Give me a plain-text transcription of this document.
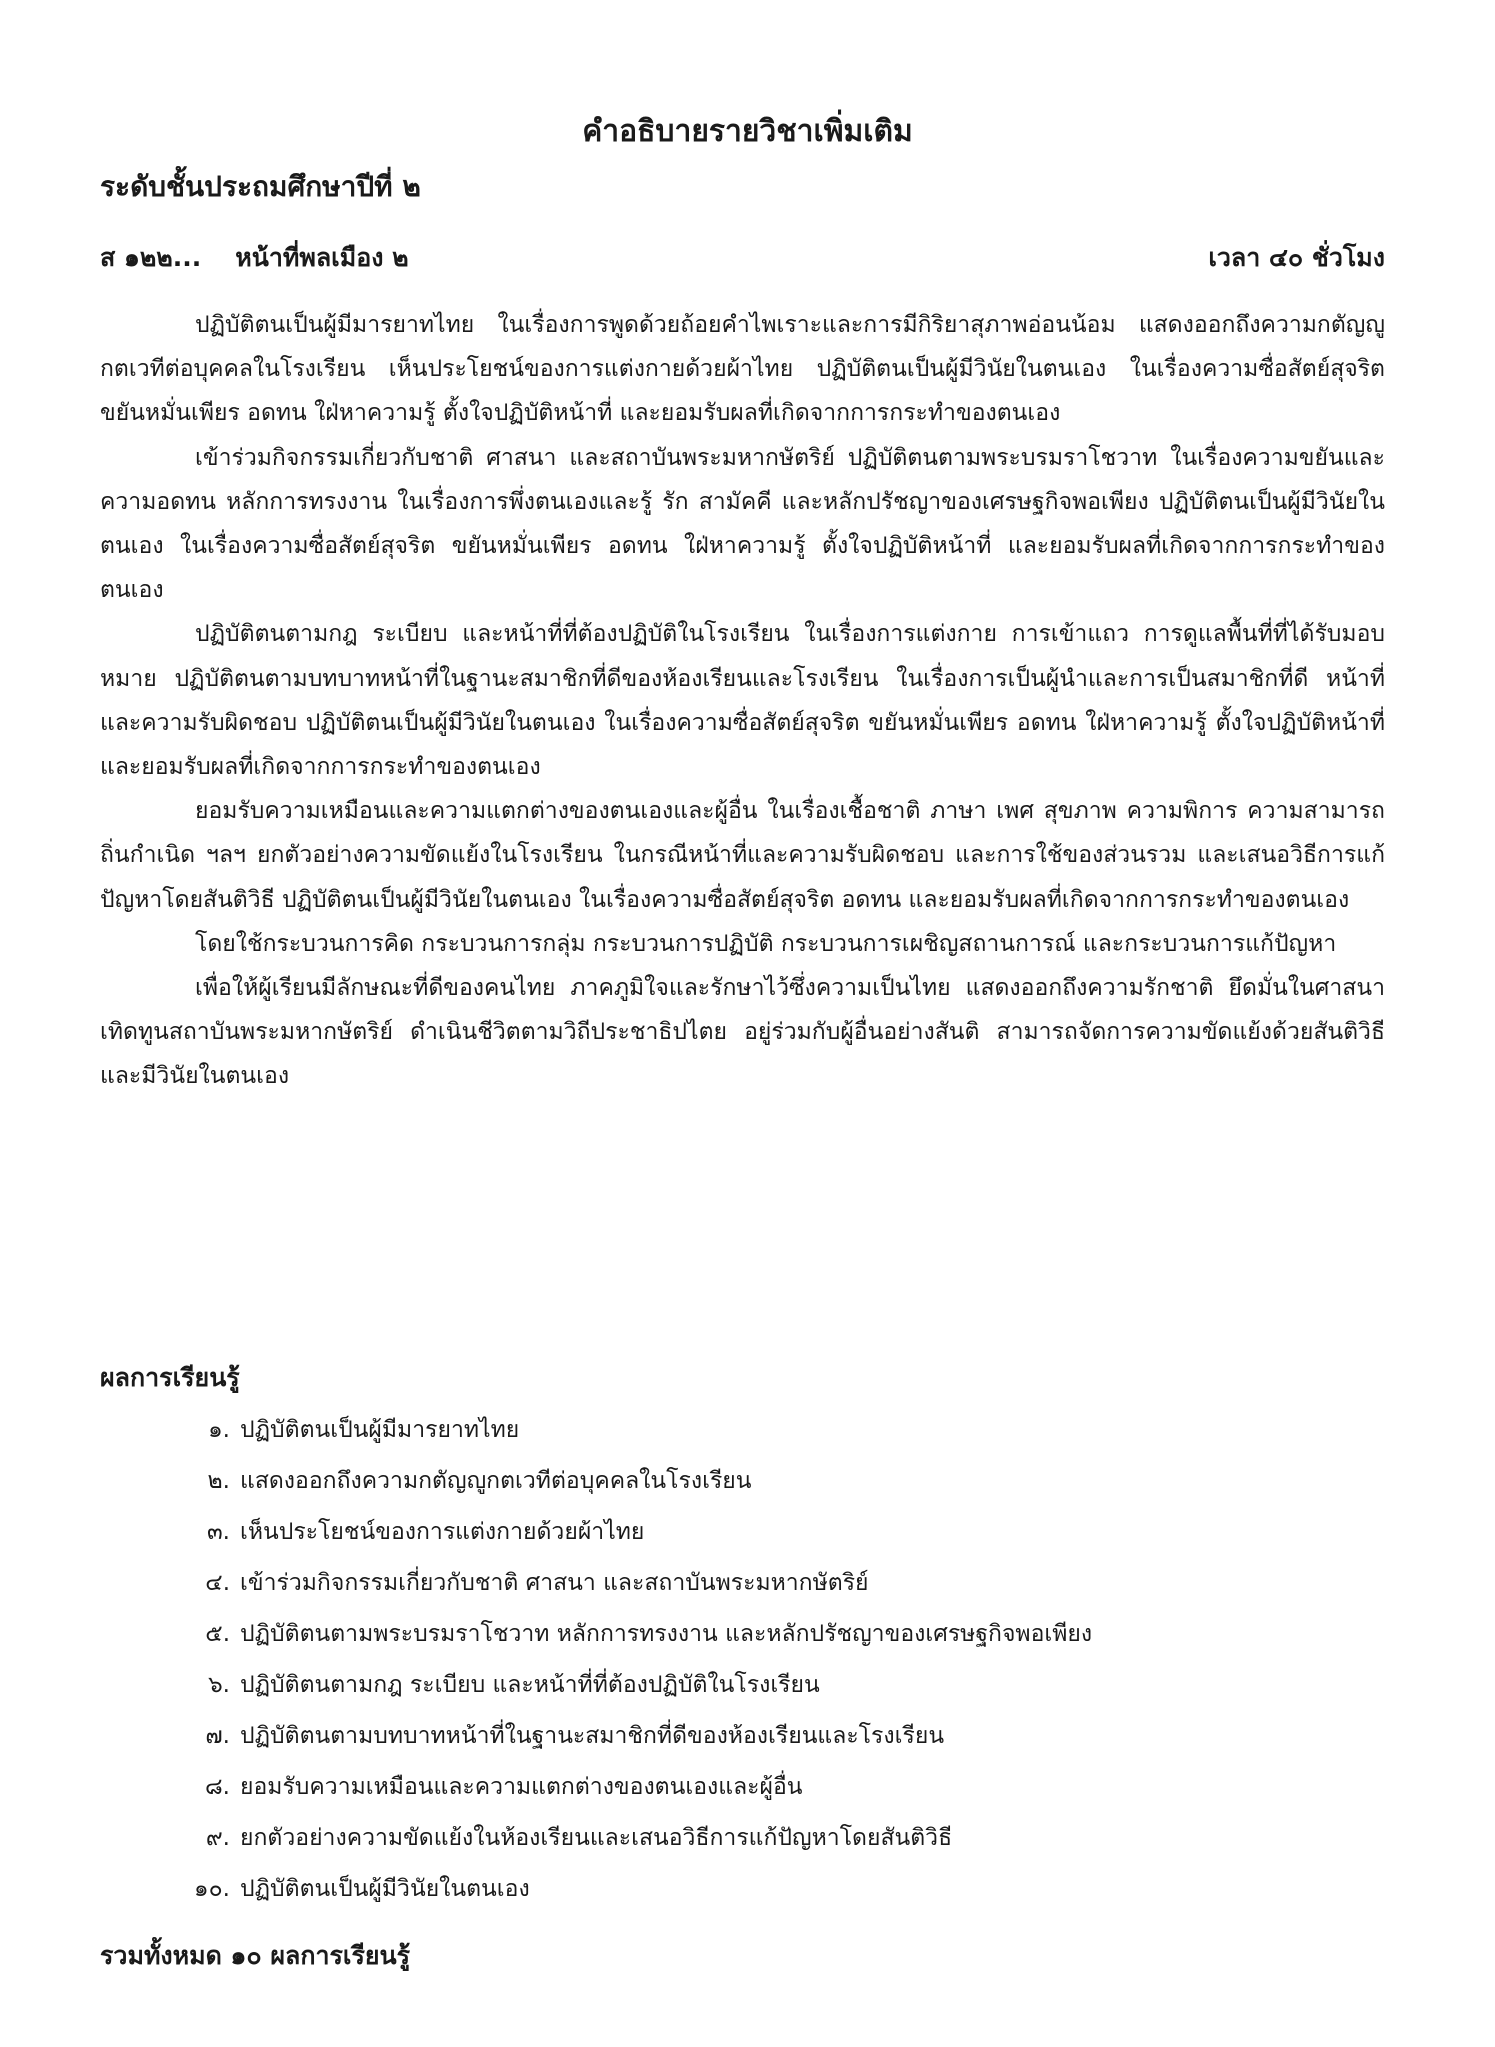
คำอธิบายรายวิชาเพิ่มเติม
ระดับชั้นประถมศึกษาปีที่ ๒
ส ๑๒๒... หน้าที่พลเมือง ๒	เวลา ๔๐ ชั่วโมง

ปฏิบัติตนเป็นผู้มีมารยาทไทย ในเรื่องการพูดด้วยถ้อยคำไพเราะและการมีกิริยาสุภาพอ่อนน้อม แสดงออกถึงความกตัญญูกตเวทีต่อบุคคลในโรงเรียน เห็นประโยชน์ของการแต่งกายด้วยผ้าไทย ปฏิบัติตนเป็นผู้มีวินัยในตนเอง ในเรื่องความซื่อสัตย์สุจริต ขยันหมั่นเพียร อดทน ใฝ่หาความรู้ ตั้งใจปฏิบัติหน้าที่ และยอมรับผลที่เกิดจากการกระทำของตนเอง

เข้าร่วมกิจกรรมเกี่ยวกับชาติ ศาสนา และสถาบันพระมหากษัตริย์ ปฏิบัติตนตามพระบรมราโชวาท ในเรื่องความขยันและความอดทน หลักการทรงงาน ในเรื่องการพึ่งตนเองและรู้ รัก สามัคคี และหลักปรัชญาของเศรษฐกิจพอเพียง ปฏิบัติตนเป็นผู้มีวินัยในตนเอง ในเรื่องความซื่อสัตย์สุจริต ขยันหมั่นเพียร อดทน ใฝ่หาความรู้ ตั้งใจปฏิบัติหน้าที่ และยอมรับผลที่เกิดจากการกระทำของตนเอง

ปฏิบัติตนตามกฎ ระเบียบ และหน้าที่ที่ต้องปฏิบัติในโรงเรียน ในเรื่องการแต่งกาย การเข้าแถว การดูแลพื้นที่ที่ได้รับมอบหมาย ปฏิบัติตนตามบทบาทหน้าที่ในฐานะสมาชิกที่ดีของห้องเรียนและโรงเรียน ในเรื่องการเป็นผู้นำและการเป็นสมาชิกที่ดี หน้าที่และความรับผิดชอบ ปฏิบัติตนเป็นผู้มีวินัยในตนเอง ในเรื่องความซื่อสัตย์สุจริต ขยันหมั่นเพียร อดทน ใฝ่หาความรู้ ตั้งใจปฏิบัติหน้าที่ และยอมรับผลที่เกิดจากการกระทำของตนเอง

ยอมรับความเหมือนและความแตกต่างของตนเองและผู้อื่น ในเรื่องเชื้อชาติ ภาษา เพศ สุขภาพ ความพิการ ความสามารถ ถิ่นกำเนิด ฯลฯ ยกตัวอย่างความขัดแย้งในโรงเรียน ในกรณีหน้าที่และความรับผิดชอบ และการใช้ของส่วนรวม และเสนอวิธีการแก้ปัญหาโดยสันติวิธี ปฏิบัติตนเป็นผู้มีวินัยในตนเอง ในเรื่องความซื่อสัตย์สุจริต อดทน และยอมรับผลที่เกิดจากการกระทำของตนเอง

โดยใช้กระบวนการคิด กระบวนการกลุ่ม กระบวนการปฏิบัติ กระบวนการเผชิญสถานการณ์ และกระบวนการแก้ปัญหา

เพื่อให้ผู้เรียนมีลักษณะที่ดีของคนไทย ภาคภูมิใจและรักษาไว้ซึ่งความเป็นไทย แสดงออกถึงความรักชาติ ยึดมั่นในศาสนา เทิดทูนสถาบันพระมหากษัตริย์ ดำเนินชีวิตตามวิถีประชาธิปไตย อยู่ร่วมกับผู้อื่นอย่างสันติ สามารถจัดการความขัดแย้งด้วยสันติวิธี และมีวินัยในตนเอง

ผลการเรียนรู้
๑. ปฏิบัติตนเป็นผู้มีมารยาทไทย
๒. แสดงออกถึงความกตัญญูกตเวทีต่อบุคคลในโรงเรียน
๓. เห็นประโยชน์ของการแต่งกายด้วยผ้าไทย
๔. เข้าร่วมกิจกรรมเกี่ยวกับชาติ ศาสนา และสถาบันพระมหากษัตริย์
๕. ปฏิบัติตนตามพระบรมราโชวาท หลักการทรงงาน และหลักปรัชญาของเศรษฐกิจพอเพียง
๖. ปฏิบัติตนตามกฎ ระเบียบ และหน้าที่ที่ต้องปฏิบัติในโรงเรียน
๗. ปฏิบัติตนตามบทบาทหน้าที่ในฐานะสมาชิกที่ดีของห้องเรียนและโรงเรียน
๘. ยอมรับความเหมือนและความแตกต่างของตนเองและผู้อื่น
๙. ยกตัวอย่างความขัดแย้งในห้องเรียนและเสนอวิธีการแก้ปัญหาโดยสันติวิธี
๑๐. ปฏิบัติตนเป็นผู้มีวินัยในตนเอง
รวมทั้งหมด ๑๐ ผลการเรียนรู้
